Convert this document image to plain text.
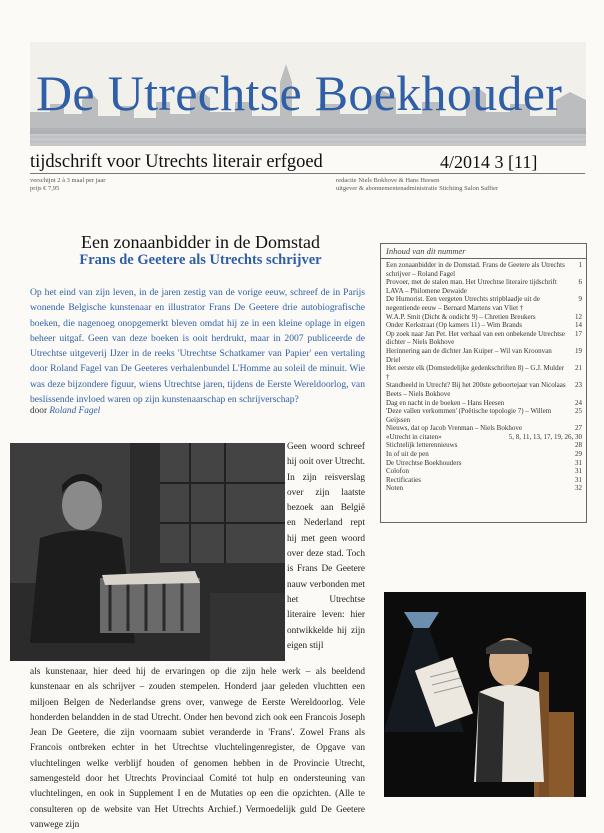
De Utrechtse Boekhouder
tijdschrift voor Utrechts literair erfgoed	4/2014 3 [11]
verschijnt 2 à 3 maal per jaar
prijs € 7,95
redactie Niels Bokhove & Hans Heesen
uitgever & abonnementenadministratie Stichting Salon Saffier
Een zonaanbidder in de Domstad
Frans de Geetere als Utrechts schrijver

Op het eind van zijn leven, in de jaren zestig van de vorige eeuw, schreef de in Parijs wonende Belgische kunstenaar en illustrator Frans De Geetere drie autobiografische boeken, die nagenoeg onopgemerkt bleven omdat hij ze in een kleine oplage in eigen beheer uitgaf. Geen van deze boeken is ooit herdrukt, maar in 2007 publiceerde de Utrechtse uitgeverij IJzer in de reeks 'Utrechtse Schatkamer van Papier' een vertaling door Roland Fagel van De Geeteres verhalenbundel L'Homme au soleil de minuit. Wie was deze bijzondere figuur, wiens Utrechtse jaren, tijdens de Eerste Wereldoorlog, van beslissende invloed waren op zijn kunstenaarschap en schrijverschap?

door Roland Fagel

Geen woord schreef hij ooit over Utrecht. In zijn reisverslag over zijn laatste bezoek aan België en Nederland rept hij met geen woord over deze stad. Toch is Frans De Geetere nauw verbonden met het Utrechtse literaire leven: hier ontwikkelde hij zijn eigen stijl

als kunstenaar, hier deed hij de ervaringen op die zijn hele werk – als beeldend kunstenaar en als schrijver – zouden stempelen. Honderd jaar geleden vluchtten een miljoen Belgen de Nederlandse grens over, vanwege de Eerste Wereldoorlog. Vele honderden belandden in de stad Utrecht. Onder hen bevond zich ook een Francois Joseph Jean De Geetere, die zijn voornaam subiet veranderde in 'Frans'. Zowel Frans als Francois ontbreken echter in het Utrechtse vluchtelingenregister, de Opgave van vluchtelingen welke verblijf houden of genomen hebben in de Provincie Utrecht, samengesteld door het Utrechts Provinciaal Comité tot hulp en ondersteuning van vluchtelingen, en ook in Supplement I en de Mutaties op een die opzichten. (Alle te consulteren op de website van Het Utrechts Archief.) Vermoedelijk guld De Geetere vanwege zijn

Inhoud van dit nummer
Een zonaanbidder in de Domstad. Frans de Geetere als Utrechts schrijver – Roland Fagel
1
Provoer, met de stalen man. Het Utrechtse literaire tijdschrift LAVA – Philomene Dewaide
6
De Humorist. Een vergeten Utrechts stripblaadje uit de negentiende eeuw – Bernard Martens van Vliet †
9
W.A.P. Smit (Dicht & ondicht 9) – Chretien Breukers	12
Onder Kerkstraat (Op kamers 11) – Wim Brands	14
Op zoek naar Jan Pet. Het verhaal van een onbekende Utrechtse dichter – Niels Bokhove
17
Herinnering aan de dichter Jan Kuiper – Wil van Kroonvan Driel
19
Het eerste elk (Domstedelijke gedenkschriften 8) – G.J. Mulder †
21
Standbeeld in Utrecht? Bij het 200ste geboortejaar van Nicolaas Beets – Niels Bokhove
23
Dag en nacht in de boeken – Hans Heesen	24
'Deze vallen verkommen' (Poëtische topologie 7) – Willem Geijssen
25
Nieuws, dat op Jacob Vrenman – Niels Bokhove	27
«Utrecht in citaten»	5, 8, 11, 13, 17, 19, 26, 30
Stichtelijk letterennieuws	28
In of uit de pen	29
De Utrechtse Boekhouders	31
Colofon	31
Rectificaties	31
Noten	32
